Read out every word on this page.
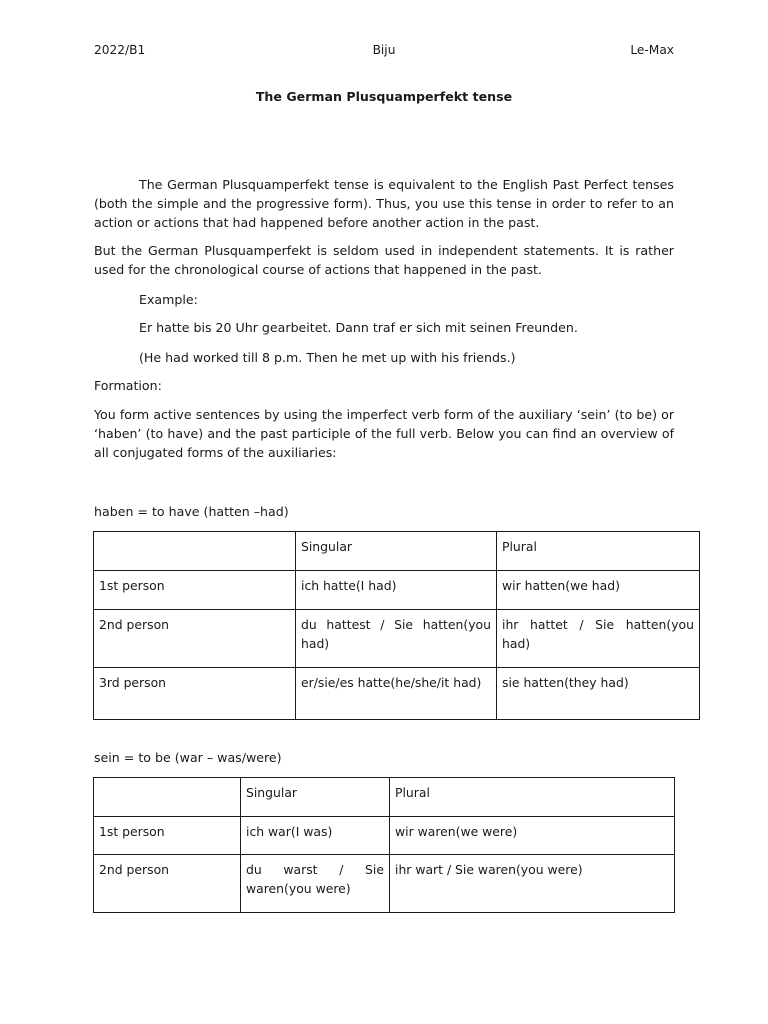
2022/B1	Biju	Le-Max

The German Plusquamperfekt tense

The German Plusquamperfekt tense is equivalent to the English Past Perfect tenses (both the simple and the progressive form). Thus, you use this tense in order to refer to an action or actions that had happened before another action in the past.

But the German Plusquamperfekt is seldom used in independent statements. It is rather used for the chronological course of actions that happened in the past.

Example:

Er hatte bis 20 Uhr gearbeitet. Dann traf er sich mit seinen Freunden.

(He had worked till 8 p.m. Then he met up with his friends.)

Formation:

You form active sentences by using the imperfect verb form of the auxiliary ‘sein’ (to be) or ‘haben’ (to have) and the past participle of the full verb. Below you can find an overview of all conjugated forms of the auxiliaries:

haben = to have (hatten –had)

	Singular	Plural
1st person	ich hatte(I had)	wir hatten(we had)
2nd person	du hattest / Sie hatten(you had)	ihr hattet / Sie hatten(you had)
3rd person	er/sie/es hatte(he/she/it had)	sie hatten(they had)

sein = to be (war – was/were)

	Singular	Plural
1st person	ich war(I was)	wir waren(we were)
2nd person	du warst / Sie waren(you were)	ihr wart / Sie waren(you were)
